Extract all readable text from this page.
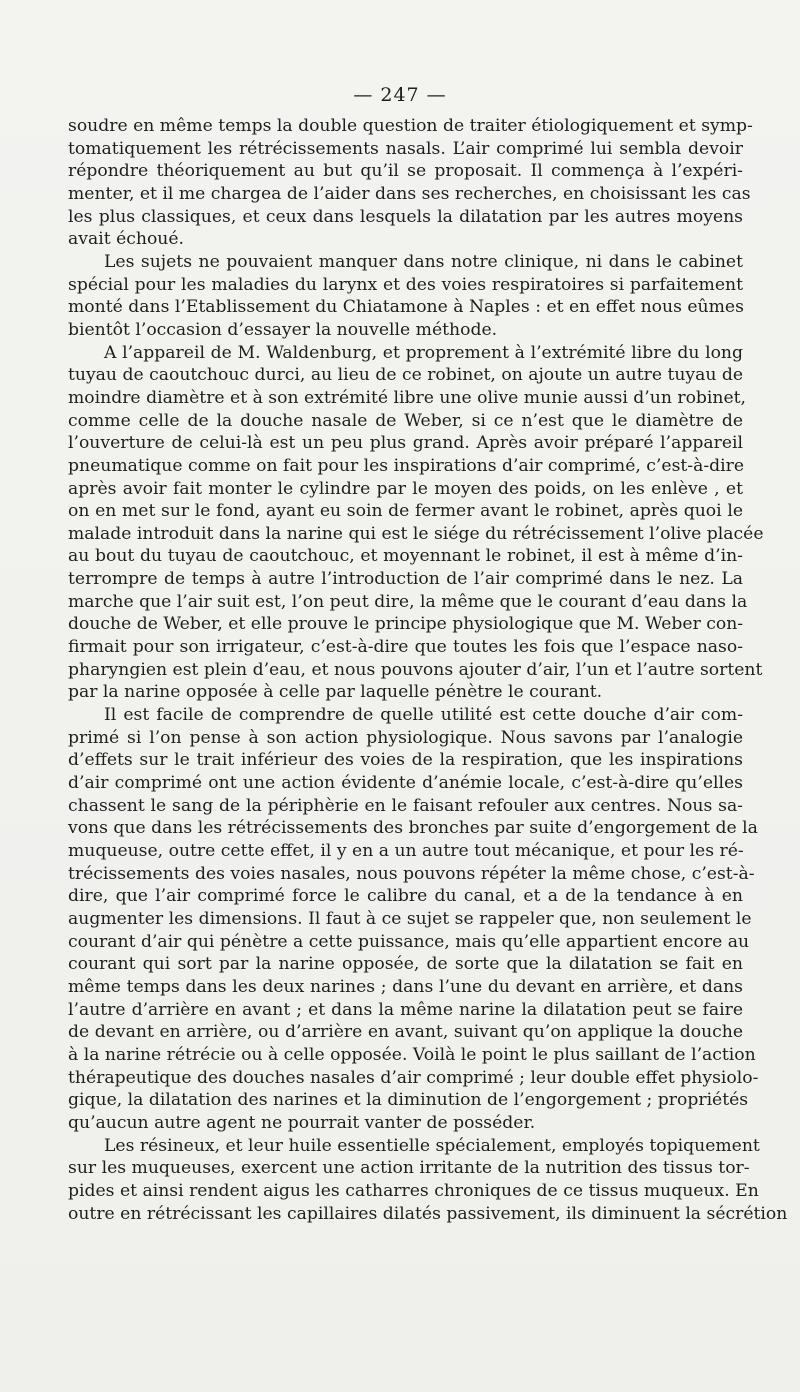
— 247 —

soudre en même temps la double question de traiter étiologiquement et symp-
tomatiquement les rétrécissements nasals. L’air comprimé lui sembla devoir
répondre théoriquement au but qu’il se proposait. Il commença à l’expéri-
menter, et il me chargea de l’aider dans ses recherches, en choisissant les cas
les plus classiques, et ceux dans lesquels la dilatation par les autres moyens
avait échoué.

Les sujets ne pouvaient manquer dans notre clinique, ni dans le cabinet
spécial pour les maladies du larynx et des voies respiratoires si parfaitement
monté dans l’Etablissement du Chiatamone à Naples : et en effet nous eûmes
bientôt l’occasion d’essayer la nouvelle méthode.

A l’appareil de M. Waldenburg, et proprement à l’extrémité libre du long
tuyau de caoutchouc durci, au lieu de ce robinet, on ajoute un autre tuyau de
moindre diamètre et à son extrémité libre une olive munie aussi d’un robinet,
comme celle de la douche nasale de Weber, si ce n’est que le diamètre de
l’ouverture de celui-là est un peu plus grand. Après avoir préparé l’appareil
pneumatique comme on fait pour les inspirations d’air comprimé, c’est-à-dire
après avoir fait monter le cylindre par le moyen des poids, on les enlève , et
on en met sur le fond, ayant eu soin de fermer avant le robinet, après quoi le
malade introduit dans la narine qui est le siége du rétrécissement l’olive placée
au bout du tuyau de caoutchouc, et moyennant le robinet, il est à même d’in-
terrompre de temps à autre l’introduction de l’air comprimé dans le nez. La
marche que l’air suit est, l’on peut dire, la même que le courant d’eau dans la
douche de Weber, et elle prouve le principe physiologique que M. Weber con-
firmait pour son irrigateur, c’est-à-dire que toutes les fois que l’espace naso-
pharyngien est plein d’eau, et nous pouvons ajouter d’air, l’un et l’autre sortent
par la narine opposée à celle par laquelle pénètre le courant.

Il est facile de comprendre de quelle utilité est cette douche d’air com-
primé si l’on pense à son action physiologique. Nous savons par l’analogie
d’effets sur le trait inférieur des voies de la respiration, que les inspirations
d’air comprimé ont une action évidente d’anémie locale, c’est-à-dire qu’elles
chassent le sang de la périphèrie en le faisant refouler aux centres. Nous sa-
vons que dans les rétrécissements des bronches par suite d’engorgement de la
muqueuse, outre cette effet, il y en a un autre tout mécanique, et pour les ré-
trécissements des voies nasales, nous pouvons répéter la même chose, c’est-à-
dire, que l’air comprimé force le calibre du canal, et a de la tendance à en
augmenter les dimensions. Il faut à ce sujet se rappeler que, non seulement le
courant d’air qui pénètre a cette puissance, mais qu’elle appartient encore au
courant qui sort par la narine opposée, de sorte que la dilatation se fait en
même temps dans les deux narines ; dans l’une du devant en arrière, et dans
l’autre d’arrière en avant ; et dans la même narine la dilatation peut se faire
de devant en arrière, ou d’arrière en avant, suivant qu’on applique la douche
à la narine rétrécie ou à celle opposée. Voilà le point le plus saillant de l’action
thérapeutique des douches nasales d’air comprimé ; leur double effet physiolo-
gique, la dilatation des narines et la diminution de l’engorgement ; propriétés
qu’aucun autre agent ne pourrait vanter de posséder.

Les résineux, et leur huile essentielle spécialement, employés topiquement
sur les muqueuses, exercent une action irritante de la nutrition des tissus tor-
pides et ainsi rendent aigus les catharres chroniques de ce tissus muqueux. En
outre en rétrécissant les capillaires dilatés passivement, ils diminuent la sécrétion
